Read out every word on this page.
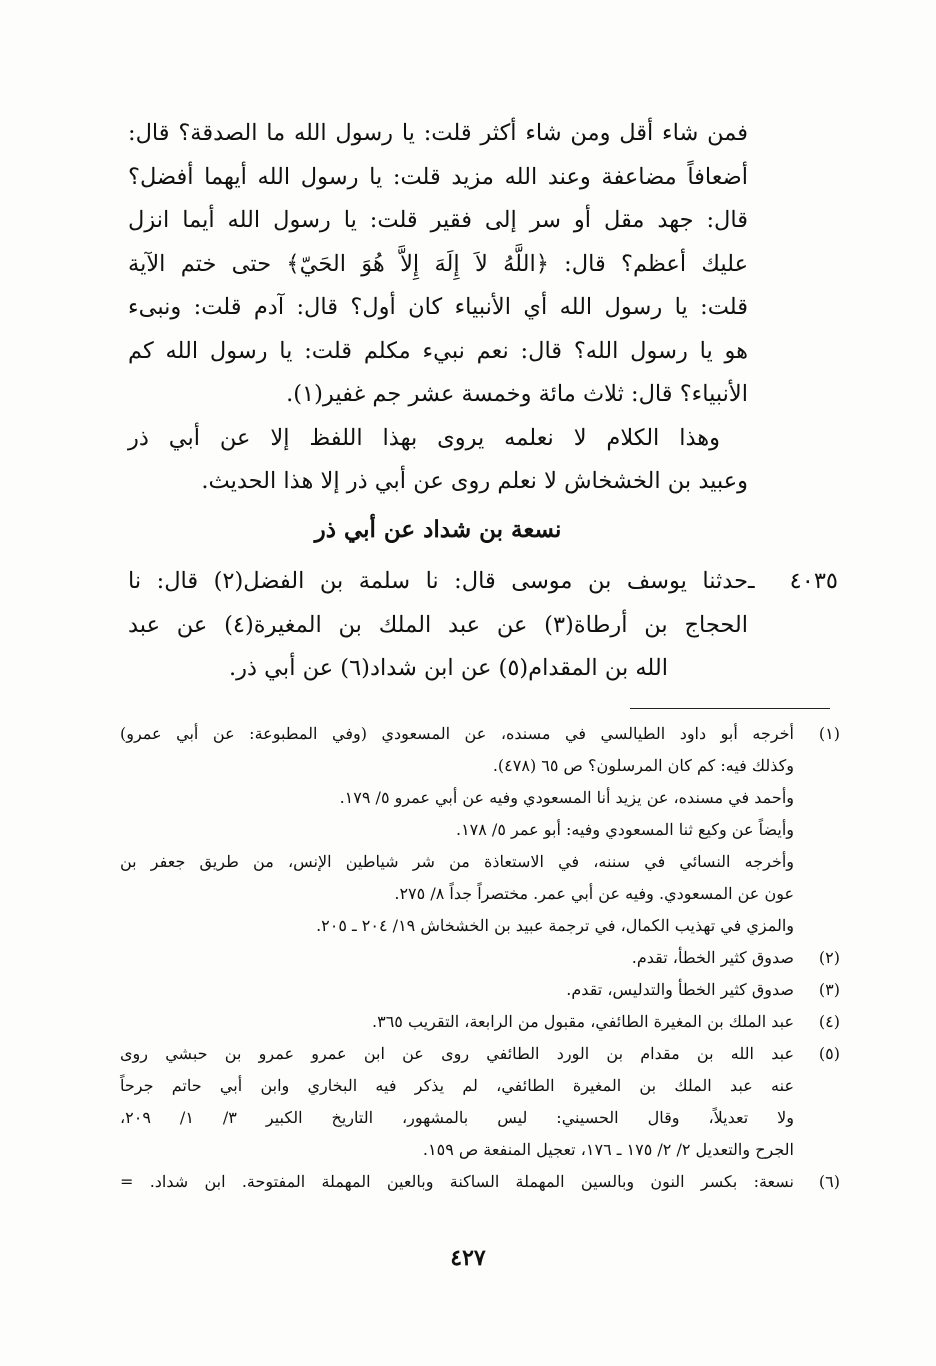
فمن شاء أقل ومن شاء أكثر قلت: يا رسول الله ما الصدقة؟ قال:
أضعافاً مضاعفة وعند الله مزيد قلت: يا رسول الله أيهما أفضل؟
قال: جهد مقل أو سر إلى فقير قلت: يا رسول الله أيما انزل
عليك أعظم؟ قال: ﴿اللَّهُ لاَ إِلَهَ إِلاَّ هُوَ الحَيّ﴾ حتى ختم الآية
قلت: يا رسول الله أي الأنبياء كان أول؟ قال: آدم قلت: ونبىء
هو يا رسول الله؟ قال: نعم نبيء مكلم قلت: يا رسول الله كم
الأنبياء؟ قال: ثلاث مائة وخمسة عشر جم غفير(١).
وهذا الكلام لا نعلمه يروى بهذا اللفظ إلا عن أبي ذر
وعبيد بن الخشخاش لا نعلم روى عن أبي ذر إلا هذا الحديث.
نسعة بن شداد عن أبي ذر
٤٠٣٥ ـحدثنا يوسف بن موسى قال: نا سلمة بن الفضل(٢) قال: نا
الحجاج بن أرطاة(٣) عن عبد الملك بن المغيرة(٤) عن عبد
الله بن المقدام(٥) عن ابن شداد(٦) عن أبي ذر.
(١)أخرجه أبو داود الطيالسي في مسنده، عن المسعودي (وفي المطبوعة: عن أبي عمرو)
وكذلك فيه: كم كان المرسلون؟ ص ٦٥ (٤٧٨).
وأحمد في مسنده، عن يزيد أنا المسعودي وفيه عن أبي عمرو ٥/ ١٧٩.
وأيضاً عن وكيع ثنا المسعودي وفيه: أبو عمر ٥/ ١٧٨.
وأخرجه النسائي في سننه، في الاستعاذة من شر شياطين الإنس، من طريق جعفر بن
عون عن المسعودي. وفيه عن أبي عمر. مختصراً جداً ٨/ ٢٧٥.
والمزي في تهذيب الكمال، في ترجمة عبيد بن الخشخاش ١٩/ ٢٠٤ ـ ٢٠٥.
(٢)صدوق كثير الخطأ، تقدم.
(٣)صدوق كثير الخطأ والتدليس، تقدم.
(٤)عبد الملك بن المغيرة الطائفي، مقبول من الرابعة، التقريب ٣٦٥.
(٥)عبد الله بن مقدام بن الورد الطائفي روى عن ابن عمرو عمرو بن حبشي روى
عنه عبد الملك بن المغيرة الطائفي، لم يذكر فيه البخاري وابن أبي حاتم جرحاً
ولا تعديلاً، وقال الحسيني: ليس بالمشهور، التاريخ الكبير ٣/ ١/ ٢٠٩،
الجرح والتعديل ٢/ ٢/ ١٧٥ ـ ١٧٦، تعجيل المنفعة ص ١٥٩.
(٦)نسعة: بكسر النون وبالسين المهملة الساكنة وبالعين المهملة المفتوحة. ابن شداد. =
٤٢٧
